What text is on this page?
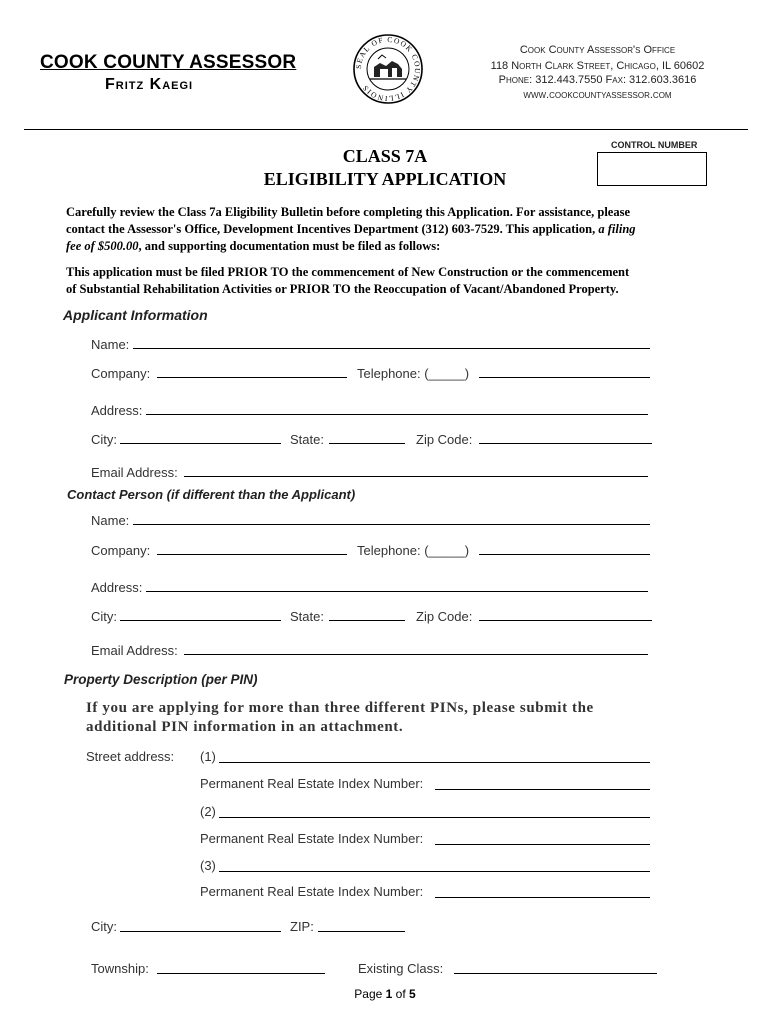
COOK COUNTY ASSESSOR
Fritz Kaegi
SEAL OF COOK COUNTY ILLINOIS
Cook County Assessor's Office
118 North Clark Street, Chicago, IL 60602
Phone: 312.443.7550 Fax: 312.603.3616
www.cookcountyassessor.com
CONTROL NUMBER
CLASS 7A
ELIGIBILITY APPLICATION
Carefully review the Class 7a Eligibility Bulletin before completing this Application. For assistance, please
contact the Assessor's Office, Development Incentives Department (312) 603-7529. This application, a filing
fee of $500.00, and supporting documentation must be filed as follows:
This application must be filed PRIOR TO the commencement of New Construction or the commencement
of Substantial Rehabilitation Activities or PRIOR TO the Reoccupation of Vacant/Abandoned Property.
Applicant Information
Name:
Company:	Telephone: (_____)
Address:
City:	State:	Zip Code:
Email Address:
Contact Person (if different than the Applicant)
Name:
Company:	Telephone: (_____)
Address:
City:	State:	Zip Code:
Email Address:
Property Description (per PIN)
If you are applying for more than three different PINs, please submit the
additional PIN information in an attachment.
Street address: (1)
Permanent Real Estate Index Number:
(2)
Permanent Real Estate Index Number:
(3)
Permanent Real Estate Index Number:
City:	ZIP:
Township:	Existing Class:
Page 1 of 5
